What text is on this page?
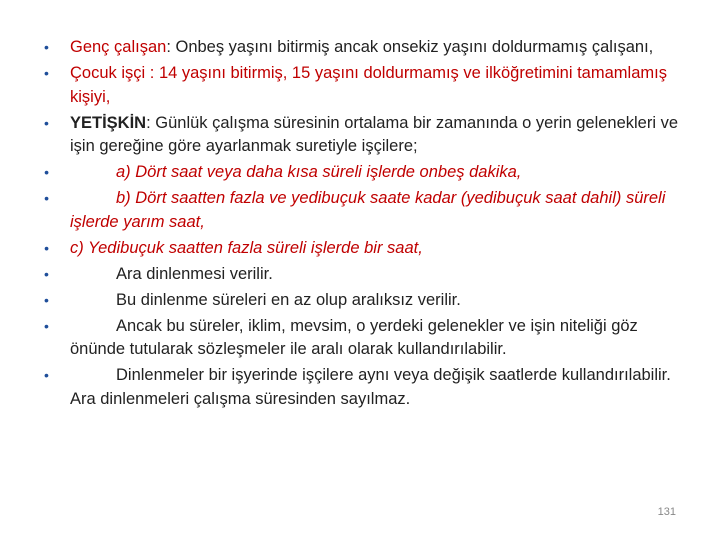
• Genç çalışan: Onbeş yaşını bitirmiş ancak onsekiz yaşını doldurmamış çalışanı,
• Çocuk işçi : 14 yaşını bitirmiş, 15 yaşını doldurmamış ve ilköğretimini tamamlamış kişiyi,
• YETİŞKİN: Günlük çalışma süresinin ortalama bir zamanında o yerin gelenekleri ve işin gereğine göre ayarlanmak suretiyle işçilere;
•	a) Dört saat veya daha kısa süreli işlerde onbeş dakika,
•	b) Dört saatten fazla ve yedibuçuk saate kadar (yedibuçuk saat dahil) süreli işlerde yarım saat,
• c) Yedibuçuk saatten fazla süreli işlerde bir saat,
•	Ara dinlenmesi verilir.
•	Bu dinlenme süreleri en az olup aralıksız verilir.
•	Ancak bu süreler, iklim, mevsim, o yerdeki gelenekler ve işin niteliği göz önünde tutularak sözleşmeler ile aralı olarak kullandırılabilir.
•	Dinlenmeler bir işyerinde işçilere aynı veya değişik saatlerde kullandırılabilir. Ara dinlenmeleri çalışma süresinden sayılmaz.
131
